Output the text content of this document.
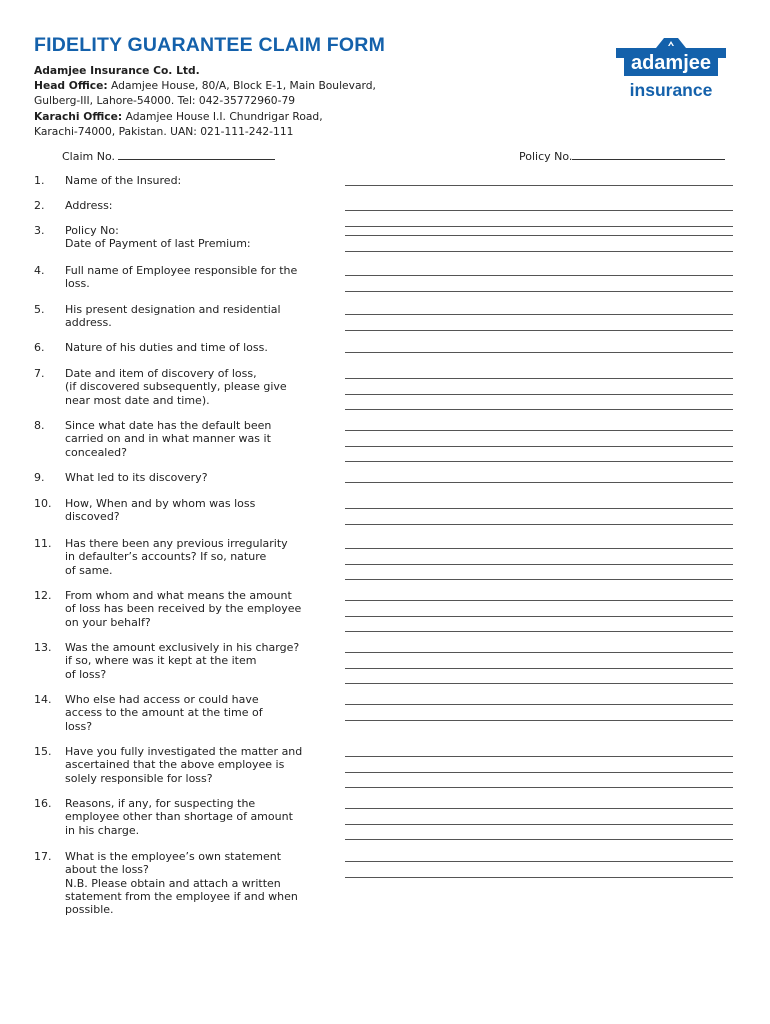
FIDELITY GUARANTEE CLAIM FORM
Adamjee Insurance Co. Ltd.
Head Office: Adamjee House, 80/A, Block E-1, Main Boulevard,
Gulberg-III, Lahore-54000. Tel: 042-35772960-79
Karachi Office: Adamjee House I.I. Chundrigar Road,
Karachi-74000, Pakistan. UAN: 021-111-242-111
adamjee
insurance
Claim No.	Policy No.
1. Name of the Insured:
2. Address:
3. Policy No:
Date of Payment of last Premium:
4. Full name of Employee responsible for the
loss.
5. His present designation and residential
address.
6. Nature of his duties and time of loss.
7. Date and item of discovery of loss,
(if discovered subsequently, please give
near most date and time).
8. Since what date has the default been
carried on and in what manner was it
concealed?
9. What led to its discovery?
10. How, When and by whom was loss
discoved?
11. Has there been any previous irregularity
in defaulter’s accounts? If so, nature
of same.
12. From whom and what means the amount
of loss has been received by the employee
on your behalf?
13. Was the amount exclusively in his charge?
if so, where was it kept at the item
of loss?
14. Who else had access or could have
access to the amount at the time of
loss?
15. Have you fully investigated the matter and
ascertained that the above employee is
solely responsible for loss?
16. Reasons, if any, for suspecting the
employee other than shortage of amount
in his charge.
17. What is the employee’s own statement
about the loss?
N.B. Please obtain and attach a written
statement from the employee if and when
possible.
